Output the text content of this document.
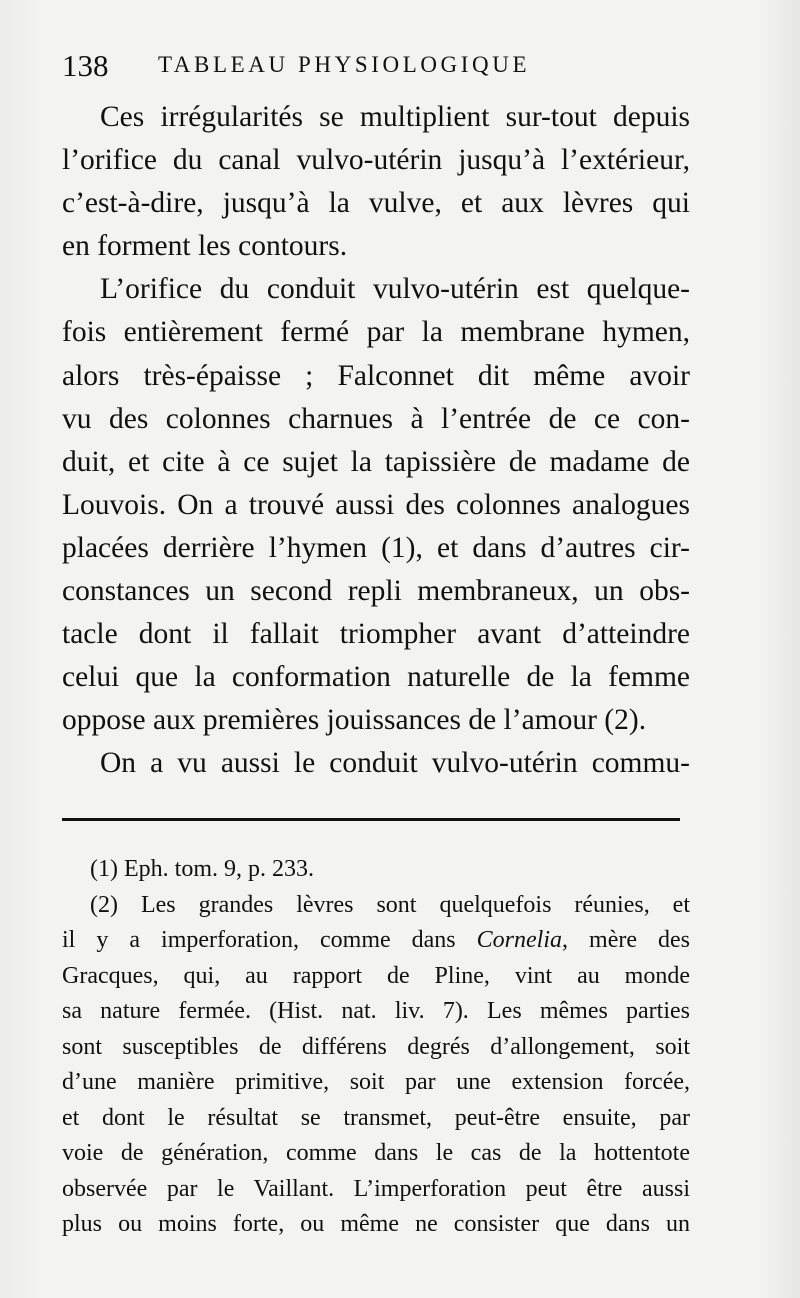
138 TABLEAU PHYSIOLOGIQUE
Ces irrégularités se multiplient sur-tout depuis
l’orifice du canal vulvo-utérin jusqu’à l’extérieur,
c’est-à-dire, jusqu’à la vulve, et aux lèvres qui
en forment les contours.
L’orifice du conduit vulvo-utérin est quelque-
fois entièrement fermé par la membrane hymen,
alors très-épaisse ; Falconnet dit même avoir
vu des colonnes charnues à l’entrée de ce con-
duit, et cite à ce sujet la tapissière de madame de
Louvois. On a trouvé aussi des colonnes analogues
placées derrière l’hymen (1), et dans d’autres cir-
constances un second repli membraneux, un obs-
tacle dont il fallait triompher avant d’atteindre
celui que la conformation naturelle de la femme
oppose aux premières jouissances de l’amour (2).
On a vu aussi le conduit vulvo-utérin commu-
(1) Eph. tom. 9, p. 233.
(2) Les grandes lèvres sont quelquefois réunies, et
il y a imperforation, comme dans Cornelia, mère des
Gracques, qui, au rapport de Pline, vint au monde
sa nature fermée. (Hist. nat. liv. 7). Les mêmes parties
sont susceptibles de différens degrés d’allongement, soit
d’une manière primitive, soit par une extension forcée,
et dont le résultat se transmet, peut-être ensuite, par
voie de génération, comme dans le cas de la hottentote
observée par le Vaillant. L’imperforation peut être aussi
plus ou moins forte, ou même ne consister que dans un
